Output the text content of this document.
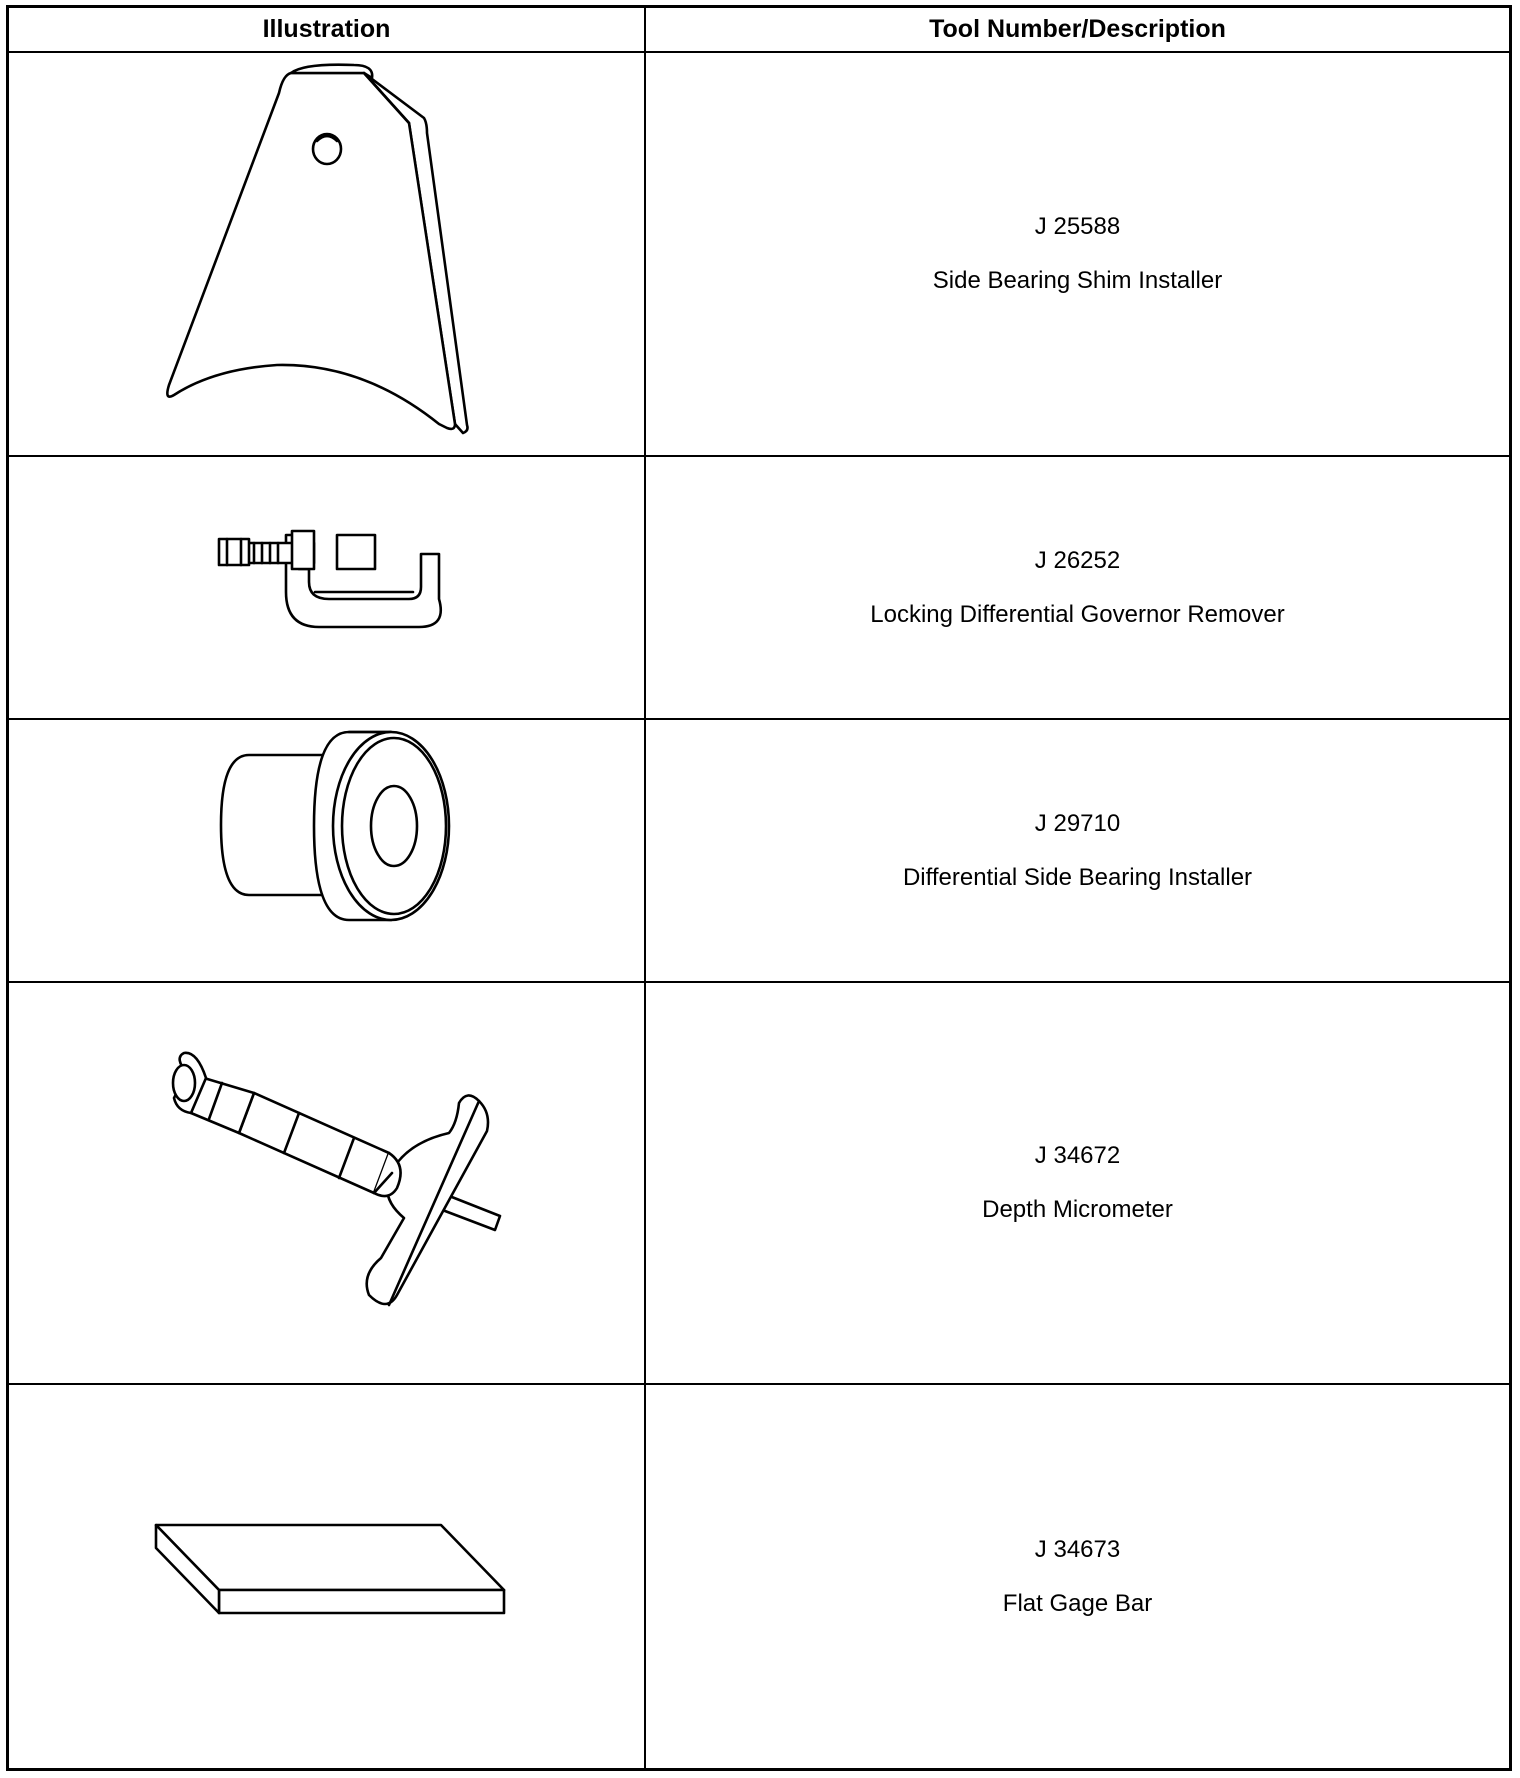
Illustration	Tool Number/Description
J 25588
Side Bearing Shim Installer
J 26252
Locking Differential Governor Remover
J 29710
Differential Side Bearing Installer
J 34672
Depth Micrometer
J 34673
Flat Gage Bar
